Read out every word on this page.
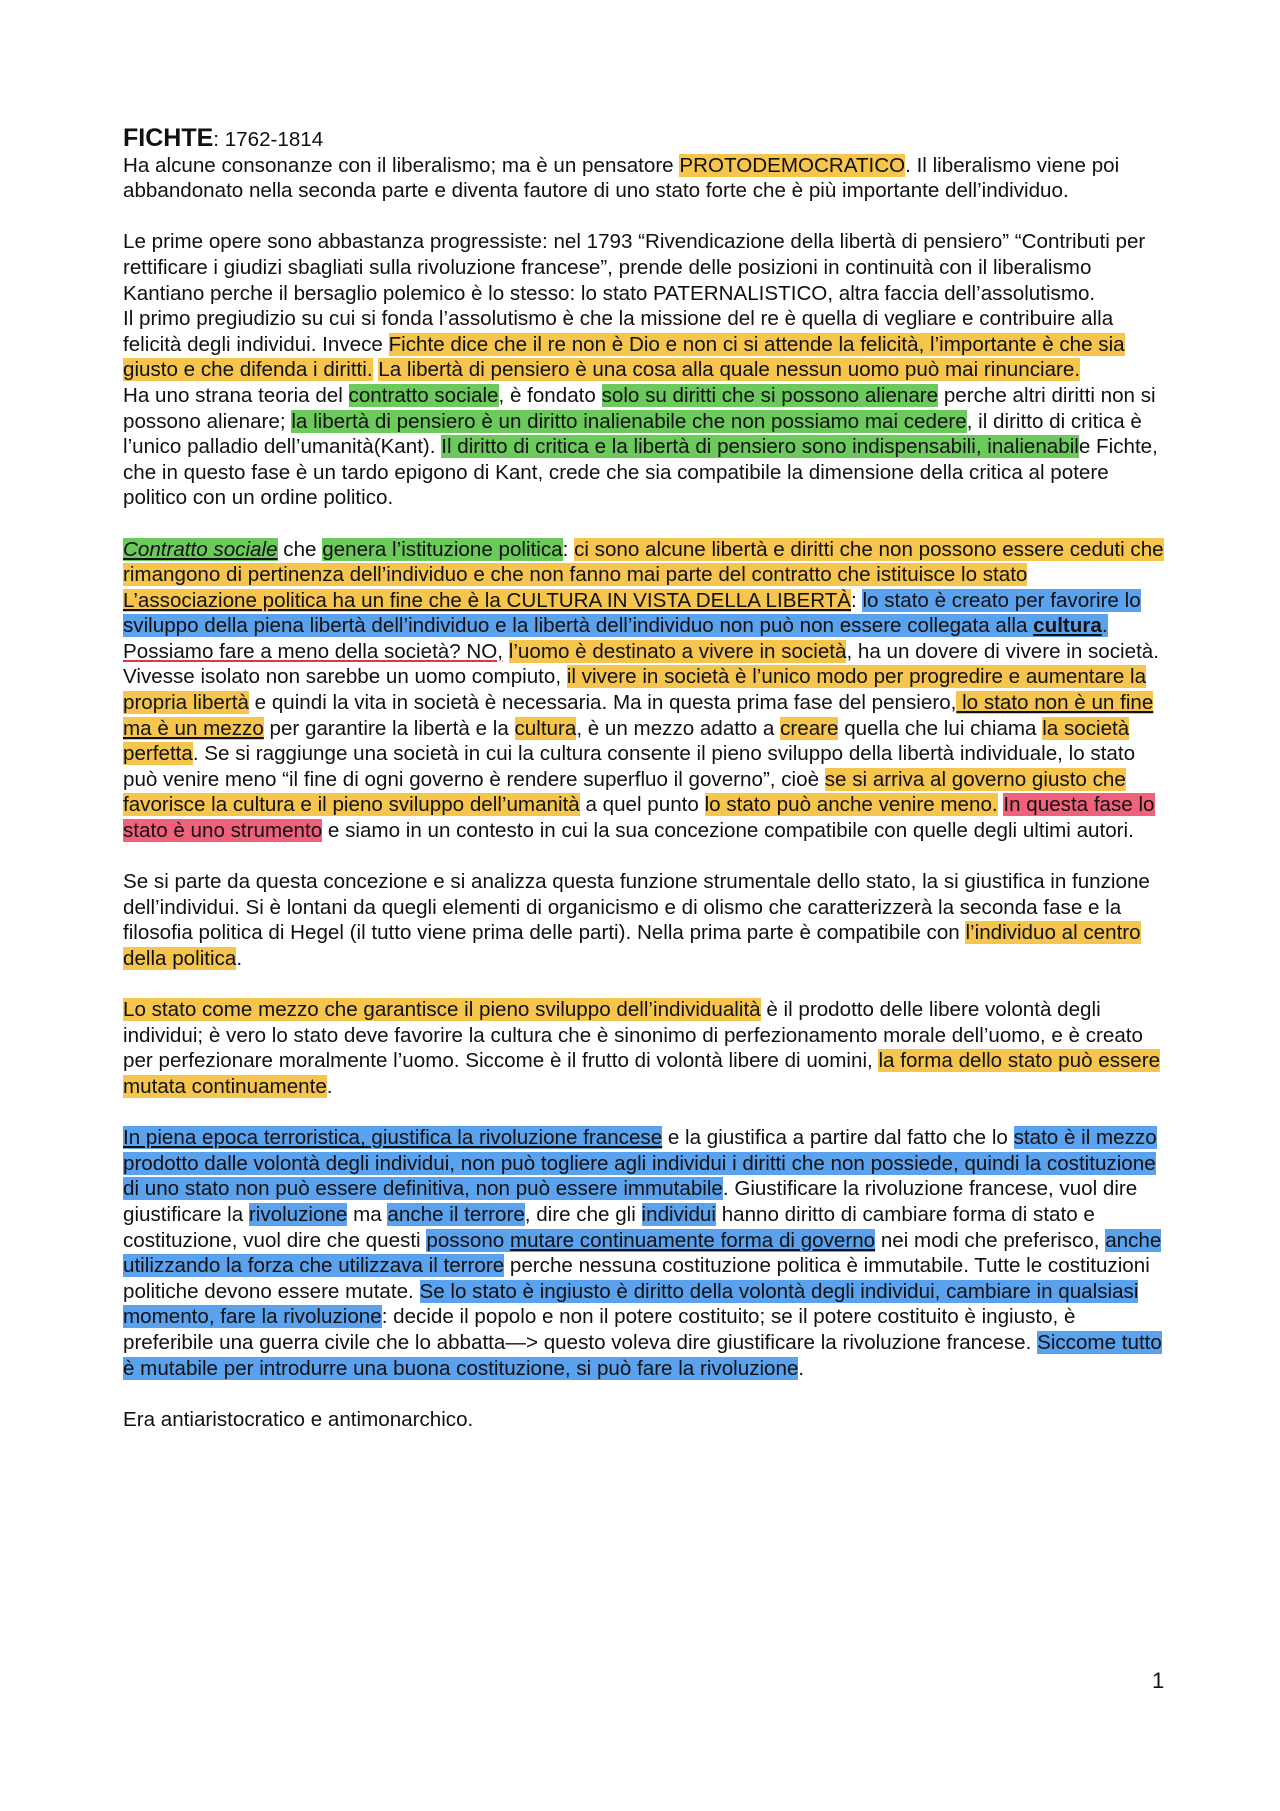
FICHTE: 1762-1814

Ha alcune consonanze con il liberalismo; ma è un pensatore PROTODEMOCRATICO. Il liberalismo viene poi abbandonato nella seconda parte e diventa fautore di uno stato forte che è più importante dell’individuo.

Le prime opere sono abbastanza progressiste: nel 1793 “Rivendicazione della libertà di pensiero” “Contributi per rettificare i giudizi sbagliati sulla rivoluzione francese”, prende delle posizioni in continuità con il liberalismo Kantiano perche il bersaglio polemico è lo stesso: lo stato PATERNALISTICO, altra faccia dell’assolutismo.

Il primo pregiudizio su cui si fonda l’assolutismo è che la missione del re è quella di vegliare e contribuire alla felicità degli individui. Invece Fichte dice che il re non è Dio e non ci si attende la felicità, l’importante è che sia giusto e che difenda i diritti. La libertà di pensiero è una cosa alla quale nessun uomo può mai rinunciare.

Ha uno strana teoria del contratto sociale, è fondato solo su diritti che si possono alienare perche altri diritti non si possono alienare; la libertà di pensiero è un diritto inalienabile che non possiamo mai cedere, il diritto di critica è l’unico palladio dell’umanità(Kant). Il diritto di critica e la libertà di pensiero sono indispensabili, inalienabile Fichte, che in questo fase è un tardo epigono di Kant, crede che sia compatibile la dimensione della critica al potere politico con un ordine politico.

Contratto sociale che genera l’istituzione politica: ci sono alcune libertà e diritti che non possono essere ceduti che rimangono di pertinenza dell’individuo e che non fanno mai parte del contratto che istituisce lo stato

L’associazione politica ha un fine che è la CULTURA IN VISTA DELLA LIBERTÀ: lo stato è creato per favorire lo sviluppo della piena libertà dell’individuo e la libertà dell’individuo non può non essere collegata alla cultura.

Possiamo fare a meno della società? NO, l’uomo è destinato a vivere in società, ha un dovere di vivere in società. Vivesse isolato non sarebbe un uomo compiuto, il vivere in società è l’unico modo per progredire e aumentare la propria libertà e quindi la vita in società è necessaria. Ma in questa prima fase del pensiero, lo stato non è un fine ma è un mezzo per garantire la libertà e la cultura, è un mezzo adatto a creare quella che lui chiama la società perfetta. Se si raggiunge una società in cui la cultura consente il pieno sviluppo della libertà individuale, lo stato può venire meno “il fine di ogni governo è rendere superfluo il governo”, cioè se si arriva al governo giusto che favorisce la cultura e il pieno sviluppo dell’umanità a quel punto lo stato può anche venire meno. In questa fase lo stato è uno strumento e siamo in un contesto in cui la sua concezione compatibile con quelle degli ultimi autori.

Se si parte da questa concezione e si analizza questa funzione strumentale dello stato, la si giustifica in funzione dell’individui. Si è lontani da quegli elementi di organicismo e di olismo che caratterizzerà la seconda fase e la filosofia politica di Hegel (il tutto viene prima delle parti). Nella prima parte è compatibile con l’individuo al centro della politica.

Lo stato come mezzo che garantisce il pieno sviluppo dell’individualità è il prodotto delle libere volontà degli individui; è vero lo stato deve favorire la cultura che è sinonimo di perfezionamento morale dell’uomo, e è creato per perfezionare moralmente l’uomo. Siccome è il frutto di volontà libere di uomini, la forma dello stato può essere mutata continuamente.

In piena epoca terroristica, giustifica la rivoluzione francese e la giustifica a partire dal fatto che lo stato è il mezzo prodotto dalle volontà degli individui, non può togliere agli individui i diritti che non possiede, quindi la costituzione di uno stato non può essere definitiva, non può essere immutabile. Giustificare la rivoluzione francese, vuol dire giustificare la rivoluzione ma anche il terrore, dire che gli individui hanno diritto di cambiare forma di stato e costituzione, vuol dire che questi possono mutare continuamente forma di governo nei modi che preferisco, anche utilizzando la forza che utilizzava il terrore perche nessuna costituzione politica è immutabile. Tutte le costituzioni politiche devono essere mutate. Se lo stato è ingiusto è diritto della volontà degli individui, cambiare in qualsiasi momento, fare la rivoluzione: decide il popolo e non il potere costituito; se il potere costituito è ingiusto, è preferibile una guerra civile che lo abbatta—> questo voleva dire giustificare la rivoluzione francese. Siccome tutto è mutabile per introdurre una buona costituzione, si può fare la rivoluzione.

Era antiaristocratico e antimonarchico.

1
